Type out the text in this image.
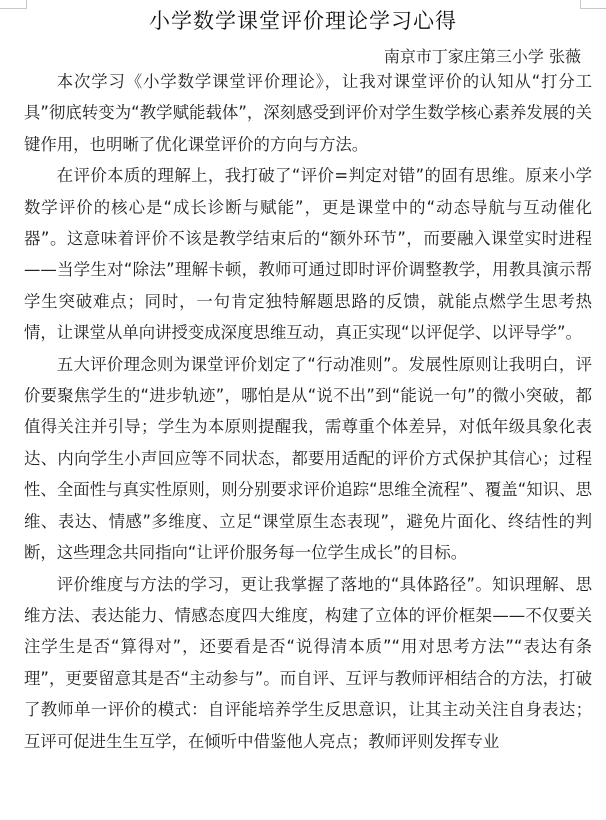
小学数学课堂评价理论学习心得
南京市丁家庄第三小学 张薇

本次学习《小学数学课堂评价理论》，让我对课堂评价的认知从“打分工具”彻底转变为“教学赋能载体”，深刻感受到评价对学生数学核心素养发展的关键作用，也明晰了优化课堂评价的方向与方法。

在评价本质的理解上，我打破了“评价=判定对错”的固有思维。原来小学数学评价的核心是“成长诊断与赋能”，更是课堂中的“动态导航与互动催化器”。这意味着评价不该是教学结束后的“额外环节”，而要融入课堂实时进程——当学生对“除法”理解卡顿，教师可通过即时评价调整教学，用教具演示帮学生突破难点；同时，一句肯定独特解题思路的反馈，就能点燃学生思考热情，让课堂从单向讲授变成深度思维互动，真正实现“以评促学、以评导学”。

五大评价理念则为课堂评价划定了“行动准则”。发展性原则让我明白，评价要聚焦学生的“进步轨迹”，哪怕是从“说不出”到“能说一句”的微小突破，都值得关注并引导；学生为本原则提醒我，需尊重个体差异，对低年级具象化表达、内向学生小声回应等不同状态，都要用适配的评价方式保护其信心；过程性、全面性与真实性原则，则分别要求评价追踪“思维全流程”、覆盖“知识、思维、表达、情感”多维度、立足“课堂原生态表现”，避免片面化、终结性的判断，这些理念共同指向“让评价服务每一位学生成长”的目标。

评价维度与方法的学习，更让我掌握了落地的“具体路径”。知识理解、思维方法、表达能力、情感态度四大维度，构建了立体的评价框架——不仅要关注学生是否“算得对”，还要看是否“说得清本质”“用对思考方法”“表达有条理”，更要留意其是否“主动参与”。而自评、互评与教师评相结合的方法，打破了教师单一评价的模式：自评能培养学生反思意识，让其主动关注自身表达；互评可促进生生互学，在倾听中借鉴他人亮点；教师评则发挥专业
